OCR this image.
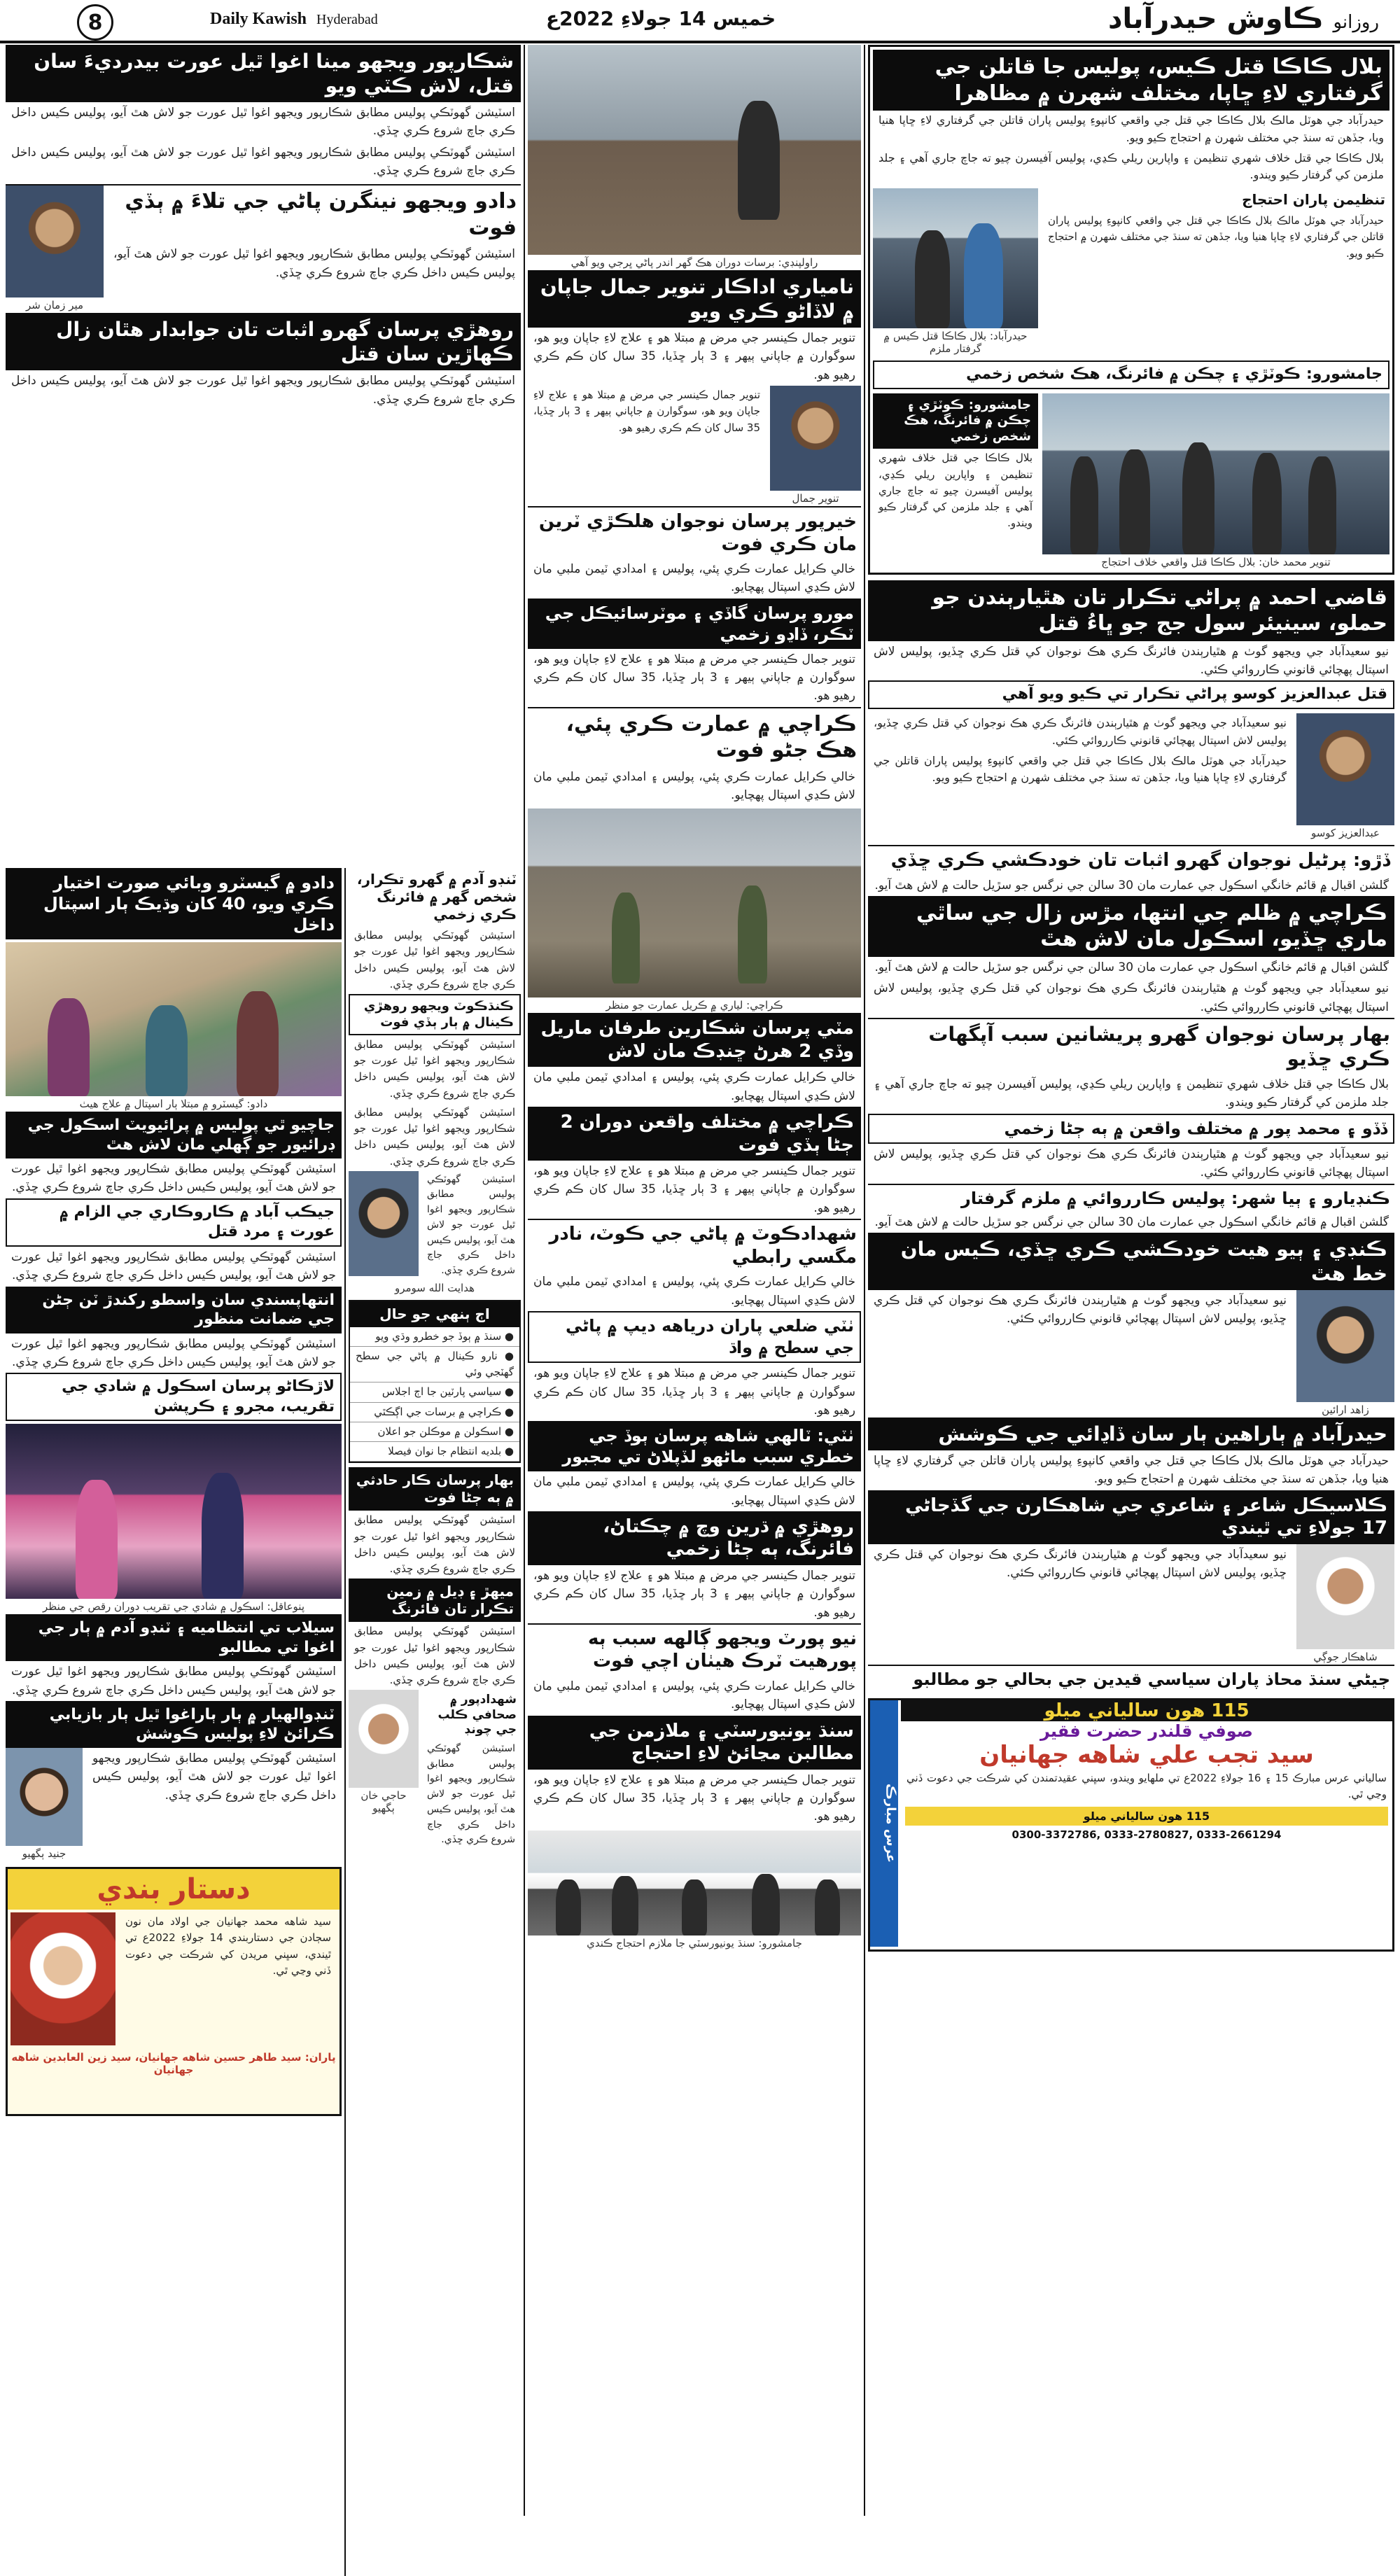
8	Daily Kawish Hyderabad	خميس 14 جولاءِ 2022ع	روزانو ڪاوش حيدرآباد
بلال ڪاڪا قتل ڪيس، پوليس جا قاتلن جي گرفتاري لاءِ ڇاپا، مختلف شهرن ۾ مظاهرا
حيدرآباد جي هوٽل مالڪ بلال ڪاڪا جي قتل جي واقعي کانپوءِ پوليس پاران قاتلن جي گرفتاري لاءِ ڇاپا هنيا ويا، جڏهن ته سنڌ جي مختلف شهرن ۾ احتجاج ڪيو ويو.
بلال ڪاڪا جي قتل خلاف شهري تنظيمن ۽ واپارين ريلي ڪڍي، پوليس آفيسرن چيو ته جاچ جاري آهي ۽ جلد ملزمن کي گرفتار ڪيو ويندو.
حيدرآباد: بلال ڪاڪا قتل ڪيس ۾ گرفتار ملزم
تنظيمن پاران احتجاج
حيدرآباد جي هوٽل مالڪ بلال ڪاڪا جي قتل جي واقعي کانپوءِ پوليس پاران قاتلن جي گرفتاري لاءِ ڇاپا هنيا ويا، جڏهن ته سنڌ جي مختلف شهرن ۾ احتجاج ڪيو ويو.
جامشورو: ڪوٽڙي ۽ چڪن ۾ فائرنگ، هڪ شخص زخمي
جامشورو: ڪوٽڙي ۽ چڪن ۾ فائرنگ، هڪ شخص زخمي
بلال ڪاڪا جي قتل خلاف شهري تنظيمن ۽ واپارين ريلي ڪڍي، پوليس آفيسرن چيو ته جاچ جاري آهي ۽ جلد ملزمن کي گرفتار ڪيو ويندو.
تنوير محمد خان: بلال ڪاڪا قتل واقعي خلاف احتجاج
قاضي احمد ۾ پراڻي تڪرار تان هٿيارٻندن جو حملو، سينيئر سول جج جو ڀاءُ قتل
نيو سعيدآباد جي ويجهو گوٺ ۾ هٿيارٻندن فائرنگ ڪري هڪ نوجوان کي قتل ڪري ڇڏيو، پوليس لاش اسپتال پهچائي قانوني ڪارروائي ڪئي.
قتل عبدالعزيز کوسو پراڻي تڪرار تي ڪيو ويو آهي
نيو سعيدآباد جي ويجهو گوٺ ۾ هٿيارٻندن فائرنگ ڪري هڪ نوجوان کي قتل ڪري ڇڏيو، پوليس لاش اسپتال پهچائي قانوني ڪارروائي ڪئي.
حيدرآباد جي هوٽل مالڪ بلال ڪاڪا جي قتل جي واقعي کانپوءِ پوليس پاران قاتلن جي گرفتاري لاءِ ڇاپا هنيا ويا، جڏهن ته سنڌ جي مختلف شهرن ۾ احتجاج ڪيو ويو.
عبدالعزيز کوسو
ڏڙو: پرڻيل نوجوان گهرو اثبات تان خودڪشي ڪري ڇڏي
گلشن اقبال ۾ قائم خانگي اسڪول جي عمارت مان 30 سالن جي نرگس جو سڙيل حالت ۾ لاش هٿ آيو.
ڪراچي ۾ ظلم جي انتها، مڙس زال جي ساٿي ماري ڇڏيو، اسڪول مان لاش هٿ
گلشن اقبال ۾ قائم خانگي اسڪول جي عمارت مان 30 سالن جي نرگس جو سڙيل حالت ۾ لاش هٿ آيو.
نيو سعيدآباد جي ويجهو گوٺ ۾ هٿيارٻندن فائرنگ ڪري هڪ نوجوان کي قتل ڪري ڇڏيو، پوليس لاش اسپتال پهچائي قانوني ڪارروائي ڪئي.
بهار پرسان نوجوان گهرو پريشانين سبب آپگهات ڪري ڇڏيو
بلال ڪاڪا جي قتل خلاف شهري تنظيمن ۽ واپارين ريلي ڪڍي، پوليس آفيسرن چيو ته جاچ جاري آهي ۽ جلد ملزمن کي گرفتار ڪيو ويندو.
ڏڏو ۽ محمد پور ۾ مختلف واقعن ۾ ٻه ڄڻا زخمي
نيو سعيدآباد جي ويجهو گوٺ ۾ هٿيارٻندن فائرنگ ڪري هڪ نوجوان کي قتل ڪري ڇڏيو، پوليس لاش اسپتال پهچائي قانوني ڪارروائي ڪئي.
ڪنڊيارو ۽ ٻيا شهر: پوليس ڪارروائي ۾ ملزم گرفتار
گلشن اقبال ۾ قائم خانگي اسڪول جي عمارت مان 30 سالن جي نرگس جو سڙيل حالت ۾ لاش هٿ آيو.
ڪنڊي ۽ ٻيو هيت خودڪشي ڪري ڇڏي، ڪيس مان خط هٿ
نيو سعيدآباد جي ويجهو گوٺ ۾ هٿيارٻندن فائرنگ ڪري هڪ نوجوان کي قتل ڪري ڇڏيو، پوليس لاش اسپتال پهچائي قانوني ڪارروائي ڪئي.
زاهد ارائين
حيدرآباد ۾ ٻاراهين ٻار سان ڏاڍائي جي ڪوشش
حيدرآباد جي هوٽل مالڪ بلال ڪاڪا جي قتل جي واقعي کانپوءِ پوليس پاران قاتلن جي گرفتاري لاءِ ڇاپا هنيا ويا، جڏهن ته سنڌ جي مختلف شهرن ۾ احتجاج ڪيو ويو.
ڪلاسيڪل شاعر ۽ شاعري جي شاهڪارن جي گڏجاڻي 17 جولاءِ تي ٿيندي
نيو سعيدآباد جي ويجهو گوٺ ۾ هٿيارٻندن فائرنگ ڪري هڪ نوجوان کي قتل ڪري ڇڏيو، پوليس لاش اسپتال پهچائي قانوني ڪارروائي ڪئي.
شاهڪار جوڳي
ڄيڻي سنڌ محاذ پاران سياسي قيدين جي بحالي جو مطالبو
عرس مبارڪ
115 هون سالياني ميلو
صوفي قلندر حضرت فقير
سيد تجب علي شاهه جهانيان
سالياني عرس مبارڪ 15 ۽ 16 جولاءِ 2022ع تي ملهايو ويندو، سڀني عقيدتمندن کي شرڪت جي دعوت ڏني وڃي ٿي.
115 هون سالياني ميلو
0300-3372786, 0333-2780827, 0333-2661294
راولپنڊي: برسات دوران هڪ گهر اندر پاڻي ڀرجي ويو آهي
نامياري اداڪار تنوير جمال جاپان ۾ لاڏاڻو ڪري ويو
تنوير جمال ڪينسر جي مرض ۾ مبتلا هو ۽ علاج لاءِ جاپان ويو هو، سوگوارن ۾ جاپاني ٻيهر ۽ 3 ٻار ڇڏيا، 35 سال کان ڪم ڪري رهيو هو.
تنوير جمال ڪينسر جي مرض ۾ مبتلا هو ۽ علاج لاءِ جاپان ويو هو، سوگوارن ۾ جاپاني ٻيهر ۽ 3 ٻار ڇڏيا، 35 سال کان ڪم ڪري رهيو هو.
تنوير جمال
خيرپور پرسان نوجوان هلڪڙي ٽرين مان ڪري فوت
خالي ڪرايل عمارت ڪري پئي، پوليس ۽ امدادي ٽيمن ملبي مان لاش ڪڍي اسپتال پهچايو.
مورو پرسان گاڏي ۽ موٽرسائيڪل جي ٽڪر، ڏاڍو زخمي
تنوير جمال ڪينسر جي مرض ۾ مبتلا هو ۽ علاج لاءِ جاپان ويو هو، سوگوارن ۾ جاپاني ٻيهر ۽ 3 ٻار ڇڏيا، 35 سال کان ڪم ڪري رهيو هو.
ڪراچي ۾ عمارت ڪري پئي، هڪ جڻو فوت
خالي ڪرايل عمارت ڪري پئي، پوليس ۽ امدادي ٽيمن ملبي مان لاش ڪڍي اسپتال پهچايو.
ڪراچي: لياري ۾ ڪريل عمارت جو منظر
مٽي پرسان شڪارين طرفان ماريل وڏي 2 هرڻ ڇنڊڪ مان لاش
خالي ڪرايل عمارت ڪري پئي، پوليس ۽ امدادي ٽيمن ملبي مان لاش ڪڍي اسپتال پهچايو.
ڪراچي ۾ مختلف واقعن دوران 2 ڄڻا ٻڏي فوت
تنوير جمال ڪينسر جي مرض ۾ مبتلا هو ۽ علاج لاءِ جاپان ويو هو، سوگوارن ۾ جاپاني ٻيهر ۽ 3 ٻار ڇڏيا، 35 سال کان ڪم ڪري رهيو هو.
شهدادڪوٽ ۾ پاڻي جي ڪوٽ، نادر مگسي رابطي
خالي ڪرايل عمارت ڪري پئي، پوليس ۽ امدادي ٽيمن ملبي مان لاش ڪڍي اسپتال پهچايو.
ٺٽي ضلعي پاران درياهه ديپ ۾ پاڻي جي سطح ۾ واڌ
تنوير جمال ڪينسر جي مرض ۾ مبتلا هو ۽ علاج لاءِ جاپان ويو هو، سوگوارن ۾ جاپاني ٻيهر ۽ 3 ٻار ڇڏيا، 35 سال کان ڪم ڪري رهيو هو.
ٺٽي: ٽالهي شاهه پرسان ٻوڏ جي خطري سبب ماڻهو لڏپلاڻ تي مجبور
خالي ڪرايل عمارت ڪري پئي، پوليس ۽ امدادي ٽيمن ملبي مان لاش ڪڍي اسپتال پهچايو.
روهڙي ۾ ڌرين وچ ۾ چڪتاڻ، فائرنگ، ٻه ڄڻا زخمي
تنوير جمال ڪينسر جي مرض ۾ مبتلا هو ۽ علاج لاءِ جاپان ويو هو، سوگوارن ۾ جاپاني ٻيهر ۽ 3 ٻار ڇڏيا، 35 سال کان ڪم ڪري رهيو هو.
نيو پورٽ ويجهو ڳالهه سبب ٻه پورهيت ٽرڪ هيٺان اچي فوت
خالي ڪرايل عمارت ڪري پئي، پوليس ۽ امدادي ٽيمن ملبي مان لاش ڪڍي اسپتال پهچايو.
سنڌ يونيورسٽي ۽ ملازمن جي مطالبن مڃائڻ لاءِ احتجاج
تنوير جمال ڪينسر جي مرض ۾ مبتلا هو ۽ علاج لاءِ جاپان ويو هو، سوگوارن ۾ جاپاني ٻيهر ۽ 3 ٻار ڇڏيا، 35 سال کان ڪم ڪري رهيو هو.
جامشورو: سنڌ يونيورسٽي جا ملازم احتجاج ڪندي
شڪارپور ويجهو مينا اغوا ٿيل عورت بيدرديءَ سان قتل، لاش ڪٽي ويو
اسٽيشن گهوٽڪي پوليس مطابق شڪارپور ويجهو اغوا ٿيل عورت جو لاش هٿ آيو، پوليس ڪيس داخل ڪري جاچ شروع ڪري ڇڏي.
اسٽيشن گهوٽڪي پوليس مطابق شڪارپور ويجهو اغوا ٿيل عورت جو لاش هٿ آيو، پوليس ڪيس داخل ڪري جاچ شروع ڪري ڇڏي.
مير زمان شر
دادو ويجهو نينگرن پاڻي جي تلاءَ ۾ ٻڏي فوت
اسٽيشن گهوٽڪي پوليس مطابق شڪارپور ويجهو اغوا ٿيل عورت جو لاش هٿ آيو، پوليس ڪيس داخل ڪري جاچ شروع ڪري ڇڏي.
روهڙي پرسان گهرو اثبات تان جوابدار هٿان زال ڪهاڙين سان قتل
اسٽيشن گهوٽڪي پوليس مطابق شڪارپور ويجهو اغوا ٿيل عورت جو لاش هٿ آيو، پوليس ڪيس داخل ڪري جاچ شروع ڪري ڇڏي.
دادو ۾ گيسٽرو وبائي صورت اختيار ڪري ويو، 40 کان وڌيڪ ٻار اسپتال داخل
دادو: گيسٽرو ۾ مبتلا ٻار اسپتال ۾ علاج هيٺ
جاچيو ٿي پوليس ۾ پرائيويٽ اسڪول جي ڊرائيور جو ڳهلي مان لاش هٿ
اسٽيشن گهوٽڪي پوليس مطابق شڪارپور ويجهو اغوا ٿيل عورت جو لاش هٿ آيو، پوليس ڪيس داخل ڪري جاچ شروع ڪري ڇڏي.
جيڪب آباد ۾ ڪاروڪاري جي الزام ۾ عورت ۽ مرد قتل
اسٽيشن گهوٽڪي پوليس مطابق شڪارپور ويجهو اغوا ٿيل عورت جو لاش هٿ آيو، پوليس ڪيس داخل ڪري جاچ شروع ڪري ڇڏي.
انتهاپسندي سان واسطو رکندڙ ٽن ڄڻن جي ضمانت منظور
اسٽيشن گهوٽڪي پوليس مطابق شڪارپور ويجهو اغوا ٿيل عورت جو لاش هٿ آيو، پوليس ڪيس داخل ڪري جاچ شروع ڪري ڇڏي.
لاڙڪاڻو پرسان اسڪول ۾ شادي جي تقريب، مجرو ۽ ڪرپشن
پنوعاقل: اسڪول ۾ شادي جي تقريب دوران رقص جي منظر
سيلاب تي انتظاميه ۽ ٽنڊو آدم ۾ ٻار جي اغوا تي مطالبو
اسٽيشن گهوٽڪي پوليس مطابق شڪارپور ويجهو اغوا ٿيل عورت جو لاش هٿ آيو، پوليس ڪيس داخل ڪري جاچ شروع ڪري ڇڏي.
ٽنڊوالهيار ۾ ٻار ٻاراغوا ٿيل ٻار بازيابي ڪرائڻ لاءِ پوليس ڪوشش
جنيد ٻگهيو
اسٽيشن گهوٽڪي پوليس مطابق شڪارپور ويجهو اغوا ٿيل عورت جو لاش هٿ آيو، پوليس ڪيس داخل ڪري جاچ شروع ڪري ڇڏي.
دستار بندي
سيد شاهه محمد جهانيان جي اولاد مان نون سڄادن جي دستاربندي 14 جولاءِ 2022ع تي ٿيندي، سڀني مريدن کي شرڪت جي دعوت ڏني وڃي ٿي.
پاران: سيد طاهر حسين شاهه جهانيان، سيد زين العابدين شاهه جهانيان
ٽنڊو آدم ۾ گهرو تڪرار، شخص گهر ۾ فائرنگ ڪري زخمي
اسٽيشن گهوٽڪي پوليس مطابق شڪارپور ويجهو اغوا ٿيل عورت جو لاش هٿ آيو، پوليس ڪيس داخل ڪري جاچ شروع ڪري ڇڏي.
ڪنڌڪوٽ ويجهو روهڙي ڪينال ۾ ٻار ٻڏي فوت
اسٽيشن گهوٽڪي پوليس مطابق شڪارپور ويجهو اغوا ٿيل عورت جو لاش هٿ آيو، پوليس ڪيس داخل ڪري جاچ شروع ڪري ڇڏي.
اسٽيشن گهوٽڪي پوليس مطابق شڪارپور ويجهو اغوا ٿيل عورت جو لاش هٿ آيو، پوليس ڪيس داخل ڪري جاچ شروع ڪري ڇڏي.
اسٽيشن گهوٽڪي پوليس مطابق شڪارپور ويجهو اغوا ٿيل عورت جو لاش هٿ آيو، پوليس ڪيس داخل ڪري جاچ شروع ڪري ڇڏي.
هدايت الله سومرو
اڄ ٻنهي جو حال
● سنڌ ۾ ٻوڏ جو خطرو وڌي ويو
● نارو ڪينال ۾ پاڻي جي سطح گهٽجي وئي
● سياسي پارٽين جا اڄ اجلاس
● ڪراچي ۾ برسات جي اڳڪٿي
● اسڪولن ۾ موڪلن جو اعلان
● بلديه انتظام جا نوان فيصلا
بهار پرسان ڪار حادثي ۾ ٻه ڄڻا فوت
اسٽيشن گهوٽڪي پوليس مطابق شڪارپور ويجهو اغوا ٿيل عورت جو لاش هٿ آيو، پوليس ڪيس داخل ڪري جاچ شروع ڪري ڇڏي.
ميهڙ ۽ ڊيل ۾ زمين تڪرار تان فائرنگ
اسٽيشن گهوٽڪي پوليس مطابق شڪارپور ويجهو اغوا ٿيل عورت جو لاش هٿ آيو، پوليس ڪيس داخل ڪري جاچ شروع ڪري ڇڏي.
حاجي خان ٻگهيو
شهدادپور ۾ صحافي ڪلب جي چونڊ
اسٽيشن گهوٽڪي پوليس مطابق شڪارپور ويجهو اغوا ٿيل عورت جو لاش هٿ آيو، پوليس ڪيس داخل ڪري جاچ شروع ڪري ڇڏي.
